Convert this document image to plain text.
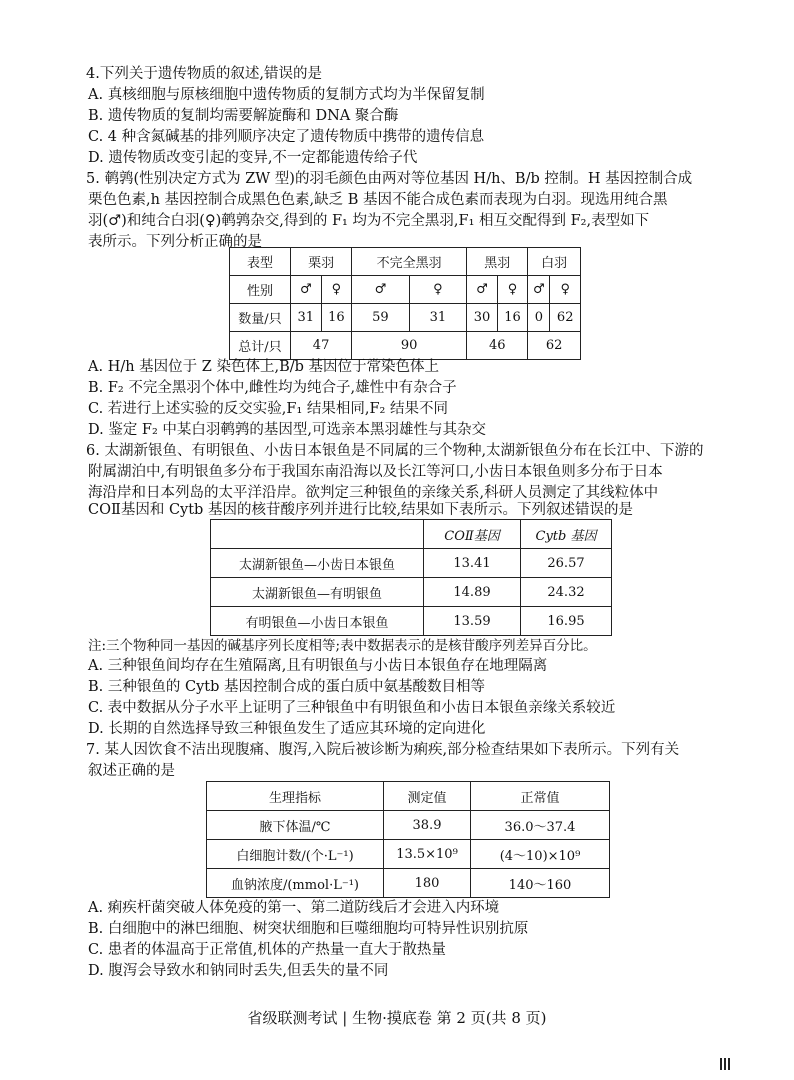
4.下列关于遗传物质的叙述,错误的是
A. 真核细胞与原核细胞中遗传物质的复制方式均为半保留复制
B. 遗传物质的复制均需要解旋酶和 DNA 聚合酶
C. 4 种含氮碱基的排列顺序决定了遗传物质中携带的遗传信息
D. 遗传物质改变引起的变异,不一定都能遗传给子代
5. 鹌鹑(性别决定方式为 ZW 型)的羽毛颜色由两对等位基因 H/h、B/b 控制。H 基因控制合成
栗色色素,h 基因控制合成黑色色素,缺乏 B 基因不能合成色素而表现为白羽。现选用纯合黑
羽(♂)和纯合白羽(♀)鹌鹑杂交,得到的 F₁ 均为不完全黑羽,F₁ 相互交配得到 F₂,表型如下
表所示。下列分析正确的是
表型	栗羽		不完全黑羽		黑羽		白羽	
性别	♂	♀	♂	♀	♂	♀	♂	♀
数量/只	31	16	59	31	30	16	0	62
总计/只	47		90		46		62	
A. H/h 基因位于 Z 染色体上,B/b 基因位于常染色体上
B. F₂ 不完全黑羽个体中,雌性均为纯合子,雄性中有杂合子
C. 若进行上述实验的反交实验,F₁ 结果相同,F₂ 结果不同
D. 鉴定 F₂ 中某白羽鹌鹑的基因型,可选亲本黑羽雄性与其杂交
6. 太湖新银鱼、有明银鱼、小齿日本银鱼是不同属的三个物种,太湖新银鱼分布在长江中、下游的
附属湖泊中,有明银鱼多分布于我国东南沿海以及长江等河口,小齿日本银鱼则多分布于日本
海沿岸和日本列岛的太平洋沿岸。欲判定三种银鱼的亲缘关系,科研人员测定了其线粒体中
COⅡ基因和 Cytb 基因的核苷酸序列并进行比较,结果如下表所示。下列叙述错误的是
	COⅡ基因	Cytb 基因
太湖新银鱼—小齿日本银鱼	13.41	26.57
太湖新银鱼—有明银鱼	14.89	24.32
有明银鱼—小齿日本银鱼	13.59	16.95
注:三个物种同一基因的碱基序列长度相等;表中数据表示的是核苷酸序列差异百分比。
A. 三种银鱼间均存在生殖隔离,且有明银鱼与小齿日本银鱼存在地理隔离
B. 三种银鱼的 Cytb 基因控制合成的蛋白质中氨基酸数目相等
C. 表中数据从分子水平上证明了三种银鱼中有明银鱼和小齿日本银鱼亲缘关系较近
D. 长期的自然选择导致三种银鱼发生了适应其环境的定向进化
7. 某人因饮食不洁出现腹痛、腹泻,入院后被诊断为痢疾,部分检查结果如下表所示。下列有关
叙述正确的是
生理指标	测定值	正常值
腋下体温/℃	38.9	36.0～37.4
白细胞计数/(个·L⁻¹)	13.5×10⁹	(4～10)×10⁹
血钠浓度/(mmol·L⁻¹)	180	140～160
A. 痢疾杆菌突破人体免疫的第一、第二道防线后才会进入内环境
B. 白细胞中的淋巴细胞、树突状细胞和巨噬细胞均可特异性识别抗原
C. 患者的体温高于正常值,机体的产热量一直大于散热量
D. 腹泻会导致水和钠同时丢失,但丢失的量不同
省级联测考试 | 生物·摸底卷 第 2 页(共 8 页)
